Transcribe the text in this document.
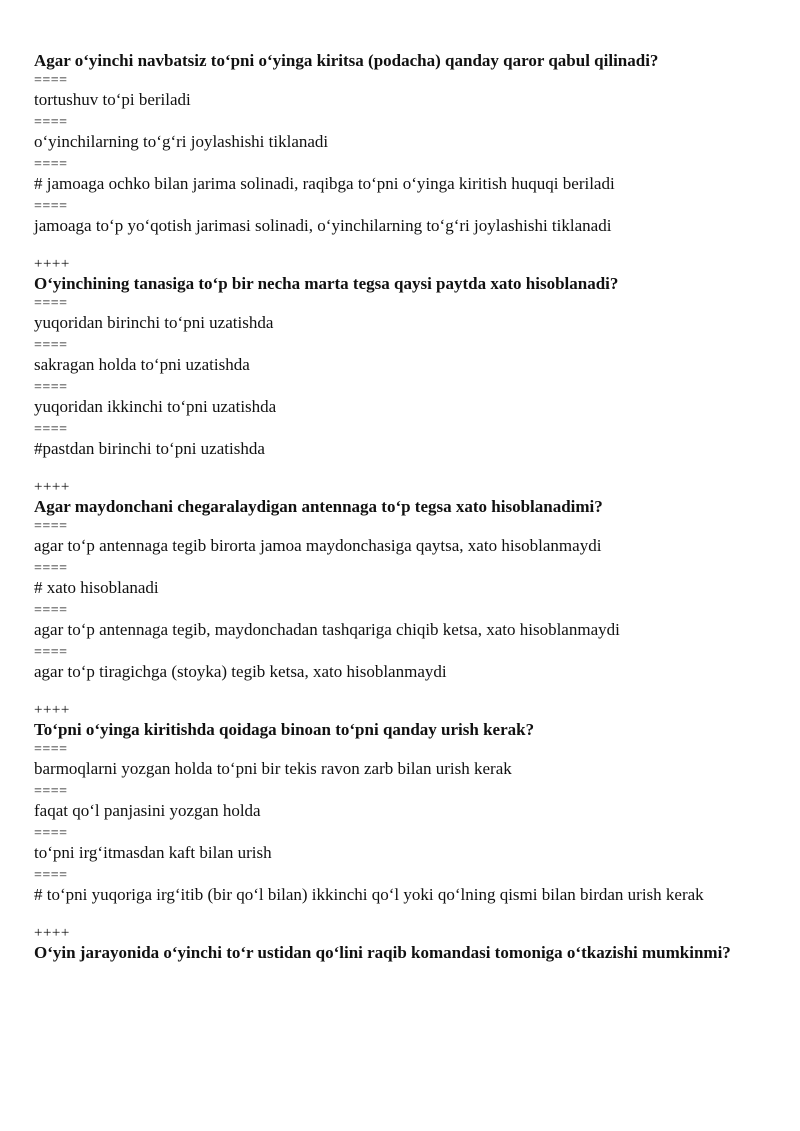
Agar o‘yinchi navbatsiz to‘pni o‘yinga kiritsa (podacha) qanday qaror qabul qilinadi?
====
tortushuv to‘pi beriladi
====
o‘yinchilarning to‘g‘ri joylashishi tiklanadi
====
# jamoaga ochko bilan jarima solinadi, raqibga to‘pni o‘yinga kiritish huquqi beriladi
====
jamoaga to‘p yo‘qotish jarimasi solinadi, o‘yinchilarning to‘g‘ri joylashishi tiklanadi
++++
O‘yinchining tanasiga to‘p bir necha marta tegsa qaysi paytda xato hisoblanadi?
====
yuqoridan birinchi to‘pni uzatishda
====
sakragan holda to‘pni uzatishda
====
yuqoridan ikkinchi to‘pni uzatishda
====
#pastdan birinchi to‘pni uzatishda
++++
Agar maydonchani chegaralaydigan antennaga to‘p tegsa xato hisoblanadimi?
====
agar to‘p antennaga tegib birorta jamoa maydonchasiga qaytsa, xato hisoblanmaydi
====
# xato hisoblanadi
====
agar to‘p antennaga tegib, maydonchadan tashqariga chiqib ketsa, xato hisoblanmaydi
====
agar to‘p tiragichga (stoyka) tegib ketsa, xato hisoblanmaydi
++++
To‘pni o‘yinga kiritishda qoidaga binoan to‘pni qanday urish kerak?
====
barmoqlarni yozgan holda to‘pni bir tekis ravon zarb bilan urish kerak
====
faqat qo‘l panjasini yozgan holda
====
to‘pni irg‘itmasdan kaft bilan urish
====
# to‘pni yuqoriga irg‘itib (bir qo‘l bilan) ikkinchi qo‘l yoki qo‘lning qismi bilan birdan urish kerak
++++
O‘yin jarayonida o‘yinchi to‘r ustidan qo‘lini raqib komandasi tomoniga o‘tkazishi mumkinmi?
